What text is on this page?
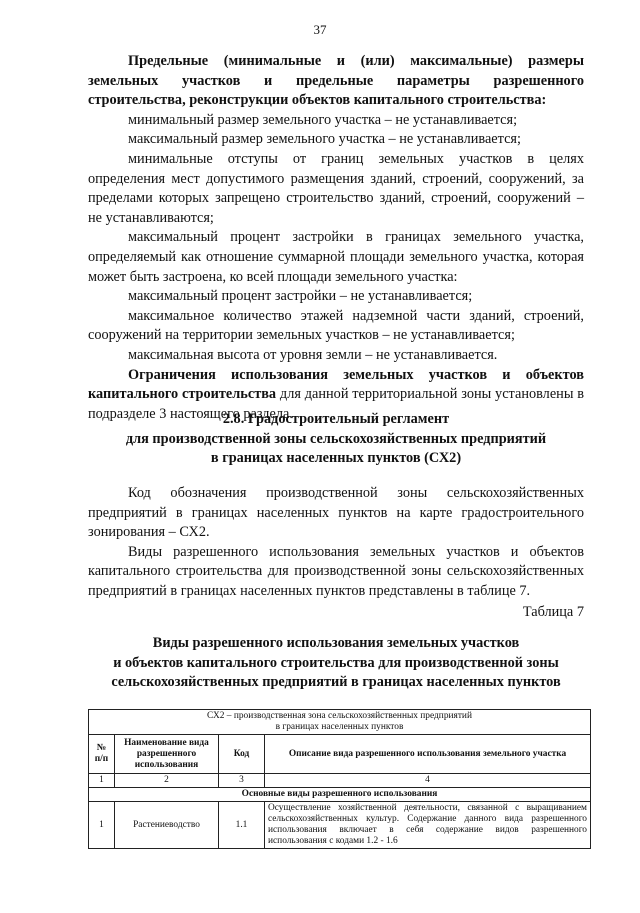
37

Предельные (минимальные и (или) максимальные) размеры земельных участков и предельные параметры разрешенного строительства, реконструкции объектов капитального строительства:

минимальный размер земельного участка – не устанавливается;

максимальный размер земельного участка – не устанавливается;

минимальные отступы от границ земельных участков в целях определения мест допустимого размещения зданий, строений, сооружений, за пределами которых запрещено строительство зданий, строений, сооружений – не устанавливаются;

максимальный процент застройки в границах земельного участка, определяемый как отношение суммарной площади земельного участка, которая может быть застроена, ко всей площади земельного участка:

максимальный процент застройки – не устанавливается;

максимальное количество этажей надземной части зданий, строений, сооружений на территории земельных участков – не устанавливается;

максимальная высота от уровня земли – не устанавливается.

Ограничения использования земельных участков и объектов капитального строительства для данной территориальной зоны установлены в подразделе 3 настоящего раздела.

2.8. Градостроительный регламент

для производственной зоны сельскохозяйственных предприятий

в границах населенных пунктов (СХ2)

Код обозначения производственной зоны сельскохозяйственных предприятий в границах населенных пунктов на карте градостроительного зонирования – СХ2.

Виды разрешенного использования земельных участков и объектов капитального строительства для производственной зоны сельскохозяйственных предприятий в границах населенных пунктов представлены в таблице 7.

Таблица 7

Виды разрешенного использования земельных участков

и объектов капитального строительства для производственной зоны

сельскохозяйственных предприятий в границах населенных пунктов

СХ2 – производственная зона сельскохозяйственных предприятий
в границах населенных пунктов			

№ п/п	Наименование вида разрешенного использования	Код	Описание вида разрешенного использования земельного участка
1	2	3	4
Основные виды разрешенного использования			
1	Растениеводство	1.1	Осуществление хозяйственной деятельности, связанной с выращиванием сельскохозяйственных культур. Содержание данного вида разрешенного использования включает в себя содержание видов разрешенного использования с кодами 1.2 - 1.6
